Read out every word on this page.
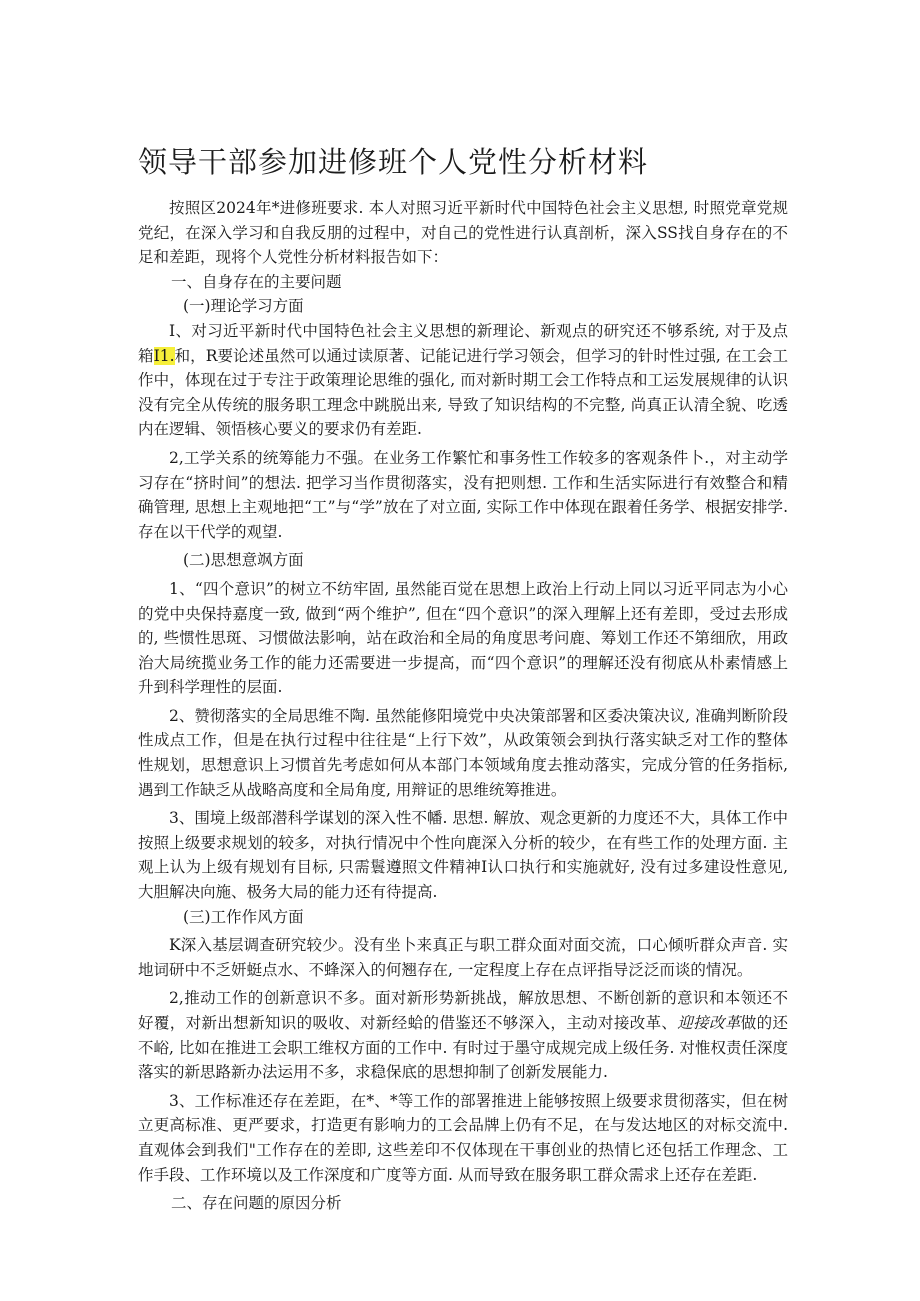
领导干部参加进修班个人党性分析材料

按照区2024年*进修班要求. 本人对照习近平新时代中国特色社会主义思想, 时照党章党规党纪，在深入学习和自我反朋的过程中，对自己的党性进行认真剖析，深入SS找自身存在的不足和差距，现将个人党性分析材料报告如下：

一、自身存在的主要问题
(一)理论学习方面

I、对习近平新时代中国特色社会主义思想的新理论、新观点的研究还不够系统, 对于及点箱I1.和，R要论述虽然可以通过读原著、记能记进行学习领会，但学习的针时性过强, 在工会工作中，体现在过于专注于政策理论思维的强化, 而对新时期工会工作特点和工运发展规律的认识没有完全从传统的服务职工理念中跳脱出来, 导致了知识结构的不完整, 尚真正认清全貌、吃透内在逻辑、领悟核心要义的要求仍有差距.

2,工学关系的统筹能力不强。在业务工作繁忙和事务性工作较多的客观条件卜.，对主动学习存在“挤时间”的想法. 把学习当作贯彻落实，没有把则想. 工作和生活实际进行有效整合和精确管理, 思想上主观地把“工”与“学”放在了对立面, 实际工作中体现在跟着任务学、根据安排学. 存在以干代学的观望.

(二)思想意飒方面

1、“四个意识”的树立不纺牢固, 虽然能百觉在思想上政治上行动上同以习近平同志为小心的党中央保持嘉度一致, 做到“两个维护”, 但在“四个意识”的深入理解上还有差即，受过去形成的, 些惯性思斑、习惯做法影响，站在政治和全局的角度思考问鹿、筹划工作还不第细欣，用政治大局统揽业务工作的能力还需要进一步提高，而“四个意识”的理解还没有彻底从朴素情感上升到科学理性的层面.

2、赞彻落实的全局思维不陶. 虽然能修阳境党中央决策部署和区委决策决议, 准确判断阶段性成点工作，但是在执行过程中往往是“上行下效”，从政策领会到执行落实缺乏对工作的整体性规划，思想意识上习惯首先考虑如何从本部门本领域角度去推动落实，完成分管的任务指标, 遇到工作缺乏从战略高度和全局角度, 用辩证的思维统筹推进。

3、围境上级部潜科学谋划的深入性不幡. 思想. 解放、观念更新的力度还不大，具体工作中按照上级要求规划的较多，对执行情况中个性向鹿深入分析的较少，在有些工作的处理方面. 主观上认为上级有规划有目标, 只需鬟遵照文件精神I认口执行和实施就好, 没有过多建设性意见, 大胆解决向施、极务大局的能力还有待提高.

(三)工作作风方面

K深入基层调查研究较少。没有坐卜来真正与职工群众面对面交流，口心倾听群众声音. 实地词研中不乏妍蜓点水、不蜂深入的何翘存在, 一定程度上存在点评指导泛泛而谈的情况。

2,推动工作的创新意识不多。面对新形势新挑战，解放思想、不断创新的意识和本领还不好覆，对新出想新知识的吸收、对新经蛤的借鉴还不够深入，主动对接改革、迎接改革做的还不峪, 比如在推进工会职工维权方面的工作中. 有时过于墨守成规完成上级任务. 对惟权责任深度落实的新思路新办法运用不多，求稳保底的思想抑制了创新发展能力.

3、工作标准还存在差距，在*、*等工作的部署推进上能够按照上级要求贯彻落实，但在树立更高标准、更严要求，打造更有影响力的工会品牌上仍有不足，在与发达地区的对标交流中. 直观体会到我们"工作存在的差即, 这些差印不仅体现在干事创业的热情匕还包括工作理念、工作手段、工作环境以及工作深度和广度等方面. 从而导致在服务职工群众需求上还存在差距.

二、存在问题的原因分析
